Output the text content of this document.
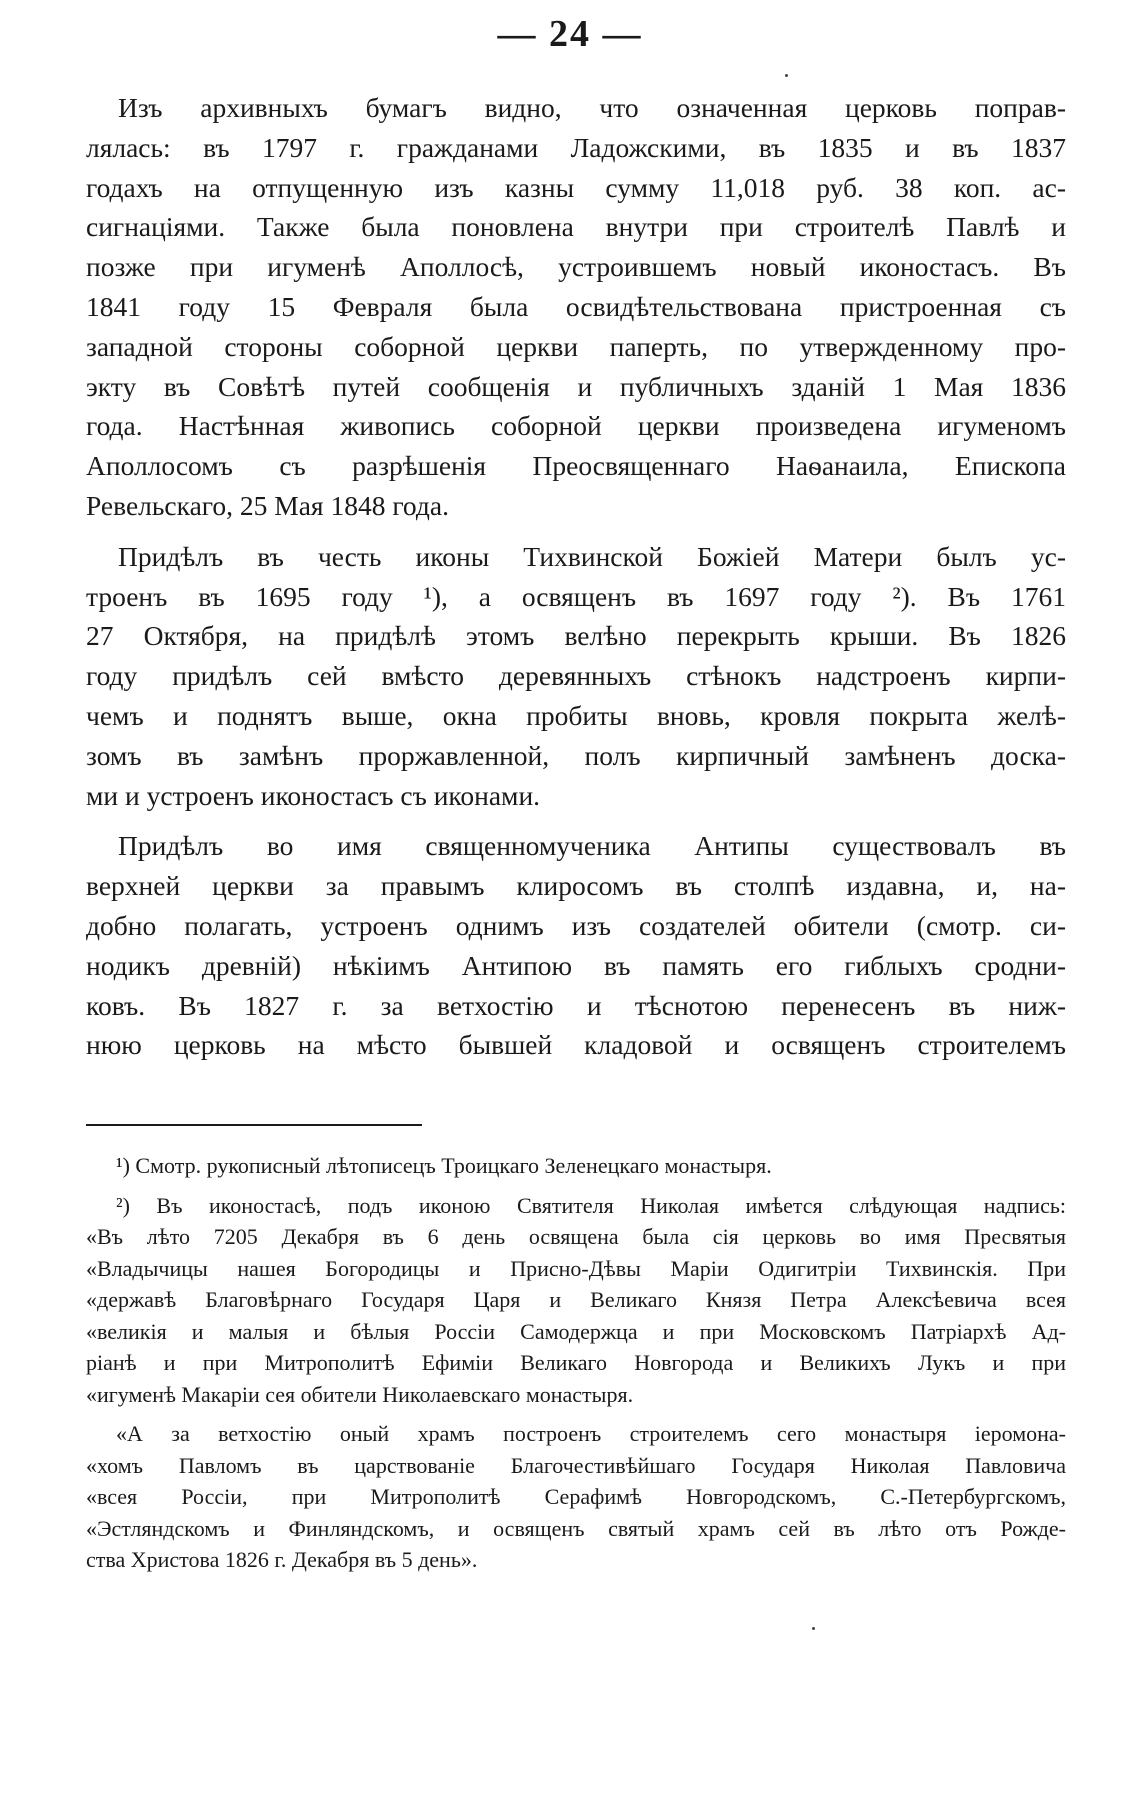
— 24 —

Изъ архивныхъ бумагъ видно, что означенная церковь поправ-
лялась: въ 1797 г. гражданами Ладожскими, въ 1835 и въ 1837
годахъ на отпущенную изъ казны сумму 11,018 руб. 38 коп. ас-
сигнаціями. Также была поновлена внутри при строителѣ Павлѣ и
позже при игуменѣ Аполлосѣ, устроившемъ новый иконостасъ. Въ
1841 году 15 Февраля была освидѣтельствована пристроенная съ
западной стороны соборной церкви паперть, по утвержденному про-
экту въ Совѣтѣ путей сообщенія и публичныхъ зданій 1 Мая 1836
года. Настѣнная живопись соборной церкви произведена игуменомъ
Аполлосомъ съ разрѣшенія Преосвященнаго Наѳанаила, Епископа
Ревельскаго, 25 Мая 1848 года.

Придѣлъ въ честь иконы Тихвинской Божіей Матери былъ ус-
троенъ въ 1695 году ¹), а освященъ въ 1697 году ²). Въ 1761
27 Октября, на придѣлѣ этомъ велѣно перекрыть крыши. Въ 1826
году придѣлъ сей вмѣсто деревянныхъ стѣнокъ надстроенъ кирпи-
чемъ и поднятъ выше, окна пробиты вновь, кровля покрыта желѣ-
зомъ въ замѣнъ проржавленной, полъ кирпичный замѣненъ доска-
ми и устроенъ иконостасъ съ иконами.

Придѣлъ во имя священномученика Антипы существовалъ въ
верхней церкви за правымъ клиросомъ въ столпѣ издавна, и, на-
добно полагать, устроенъ однимъ изъ создателей обители (смотр. си-
нодикъ древній) нѣкіимъ Антипою въ память его гиблыхъ сродни-
ковъ. Въ 1827 г. за ветхостію и тѣснотою перенесенъ въ ниж-
нюю церковь на мѣсто бывшей кладовой и освященъ строителемъ

¹) Смотр. рукописный лѣтописецъ Троицкаго Зеленецкаго монастыря.
²) Въ иконостасѣ, подъ иконою Святителя Николая имѣется слѣдующая надпись:
«Въ лѣто 7205 Декабря въ 6 день освящена была сія церковь во имя Пресвятыя
«Владычицы нашея Богородицы и Присно-Дѣвы Маріи Одигитріи Тихвинскія. При
«державѣ Благовѣрнаго Государя Царя и Великаго Князя Петра Алексѣевича всея
«великія и малыя и бѣлыя Россіи Самодержца и при Московскомъ Патріархѣ Ад-
ріанѣ и при Митрополитѣ Ефиміи Великаго Новгорода и Великихъ Лукъ и при
«игуменѣ Макаріи сея обители Николаевскаго монастыря.
«А за ветхостію оный храмъ построенъ строителемъ сего монастыря іеромона-
«хомъ Павломъ въ царствованіе Благочестивѣйшаго Государя Николая Павловича
«всея Россіи, при Митрополитѣ Серафимѣ Новгородскомъ, С.-Петербургскомъ,
«Эстляндскомъ и Финляндскомъ, и освященъ святый храмъ сей въ лѣто отъ Рожде-
ства Христова 1826 г. Декабря въ 5 день».
